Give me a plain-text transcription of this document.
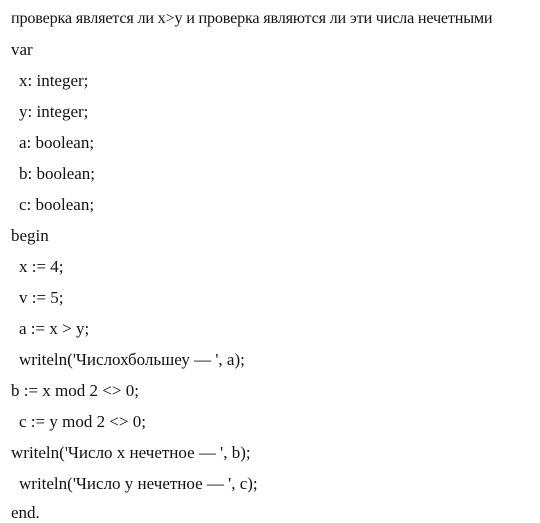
проверка является ли x>y и проверка являются ли эти числа нечетными
var
x: integer;
y: integer;
a: boolean;
b: boolean;
c: boolean;
begin
x := 4;
v := 5;
a := x > y;
writeln('Числохбольшеу — ', a);
b := x mod 2 <> 0;
c := y mod 2 <> 0;
writeln('Число x нечетное — ', b);
writeln('Число у нечетное — ', c);
end.
